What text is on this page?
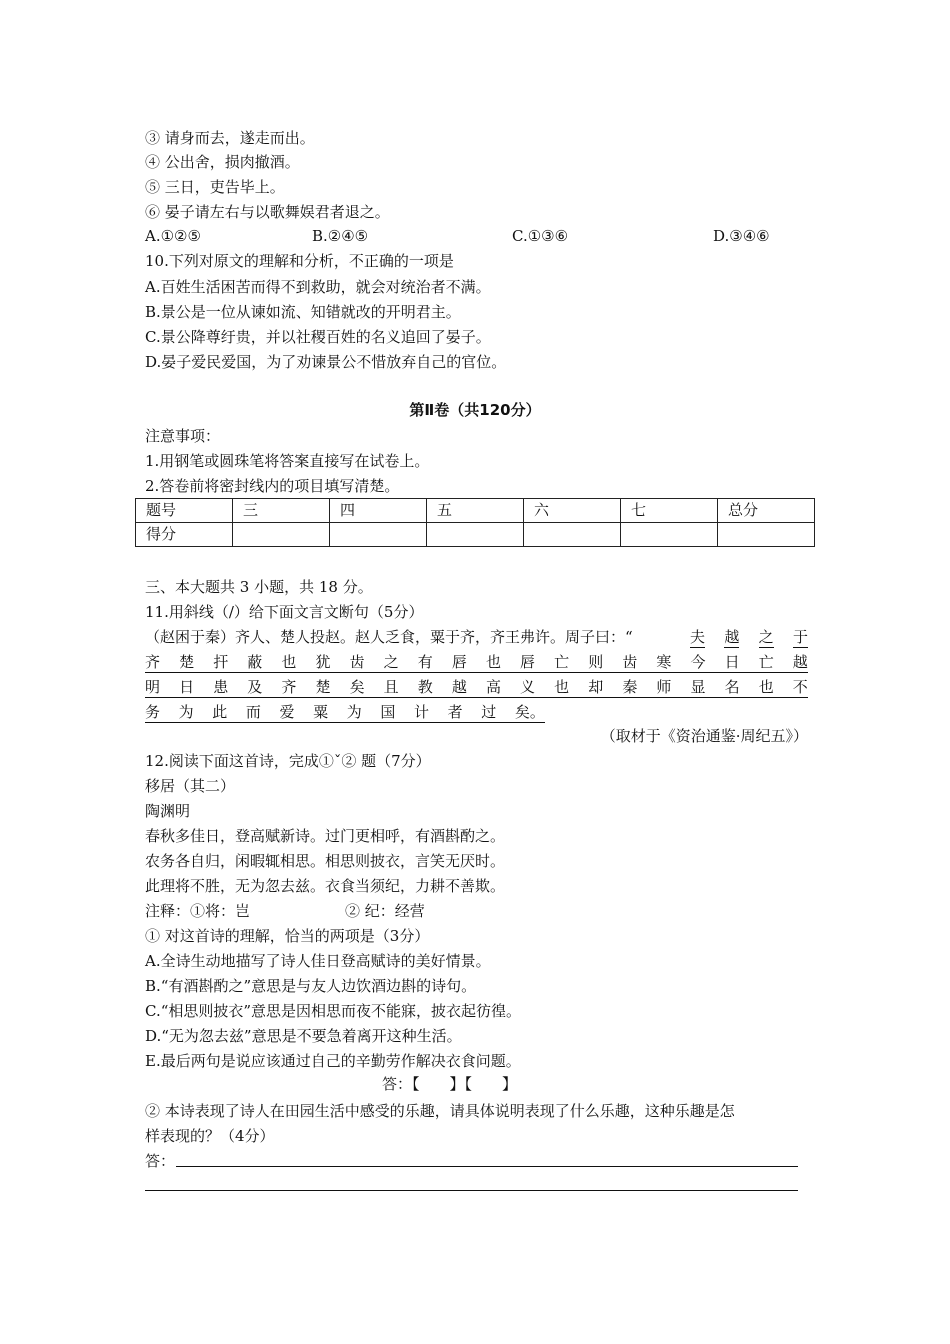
③ 请身而去，遂走而出。
④ 公出舍，损肉撤酒。
⑤ 三日，吏告毕上。
⑥ 晏子请左右与以歌舞娱君者退之。
A.①②⑤	B.②④⑤	C.①③⑥	D.③④⑥
10.下列对原文的理解和分析，不正确的一项是
A.百姓生活困苦而得不到救助，就会对统治者不满。
B.景公是一位从谏如流、知错就改的开明君主。
C.景公降尊纡贵，并以社稷百姓的名义追回了晏子。
D.晏子爱民爱国，为了劝谏景公不惜放弃自己的官位。
第Ⅱ卷（共120分）
注意事项：
1.用钢笔或圆珠笔将答案直接写在试卷上。
2.答卷前将密封线内的项目填写清楚。
题号	三	四	五	六	七	总分
得分						
三、本大题共 3 小题，共 18 分。
11.用斜线（/）给下面文言文断句（5分）
（赵困于秦）齐人、楚人投赵。赵人乏食，粟于齐，齐王弗许。周子曰：“	夫 越 之 于
齐 楚 扞 蔽 也 犹 齿 之 有 唇 也 唇 亡 则 齿 寒 今 日 亡 越
明 日 患 及 齐 楚 矣 且 教 越 高 义 也 却 秦 师 显 名 也 不
务 为 此 而 爱 粟 为 国 计 者 过 矣。
（取材于《资治通鉴·周纪五》）
12.阅读下面这首诗，完成①ˇ② 题（7分）
移居（其二）
陶渊明
春秋多佳日，登高赋新诗。过门更相呼，有酒斟酌之。
农务各自归，闲暇辄相思。相思则披衣，言笑无厌时。
此理将不胜，无为忽去兹。衣食当须纪，力耕不善欺。
注释：①将：岂	② 纪：经营
① 对这首诗的理解，恰当的两项是（3分）
A.全诗生动地描写了诗人佳日登高赋诗的美好情景。
B.“有酒斟酌之”意思是与友人边饮酒边斟的诗句。
C.“相思则披衣”意思是因相思而夜不能寐，披衣起彷徨。
D.“无为忽去兹”意思是不要急着离开这种生活。
E.最后两句是说应该通过自己的辛勤劳作解决衣食问题。
答：【　　】【　　】
② 本诗表现了诗人在田园生活中感受的乐趣，请具体说明表现了什么乐趣，这种乐趣是怎
样表现的？（4分）
答：
